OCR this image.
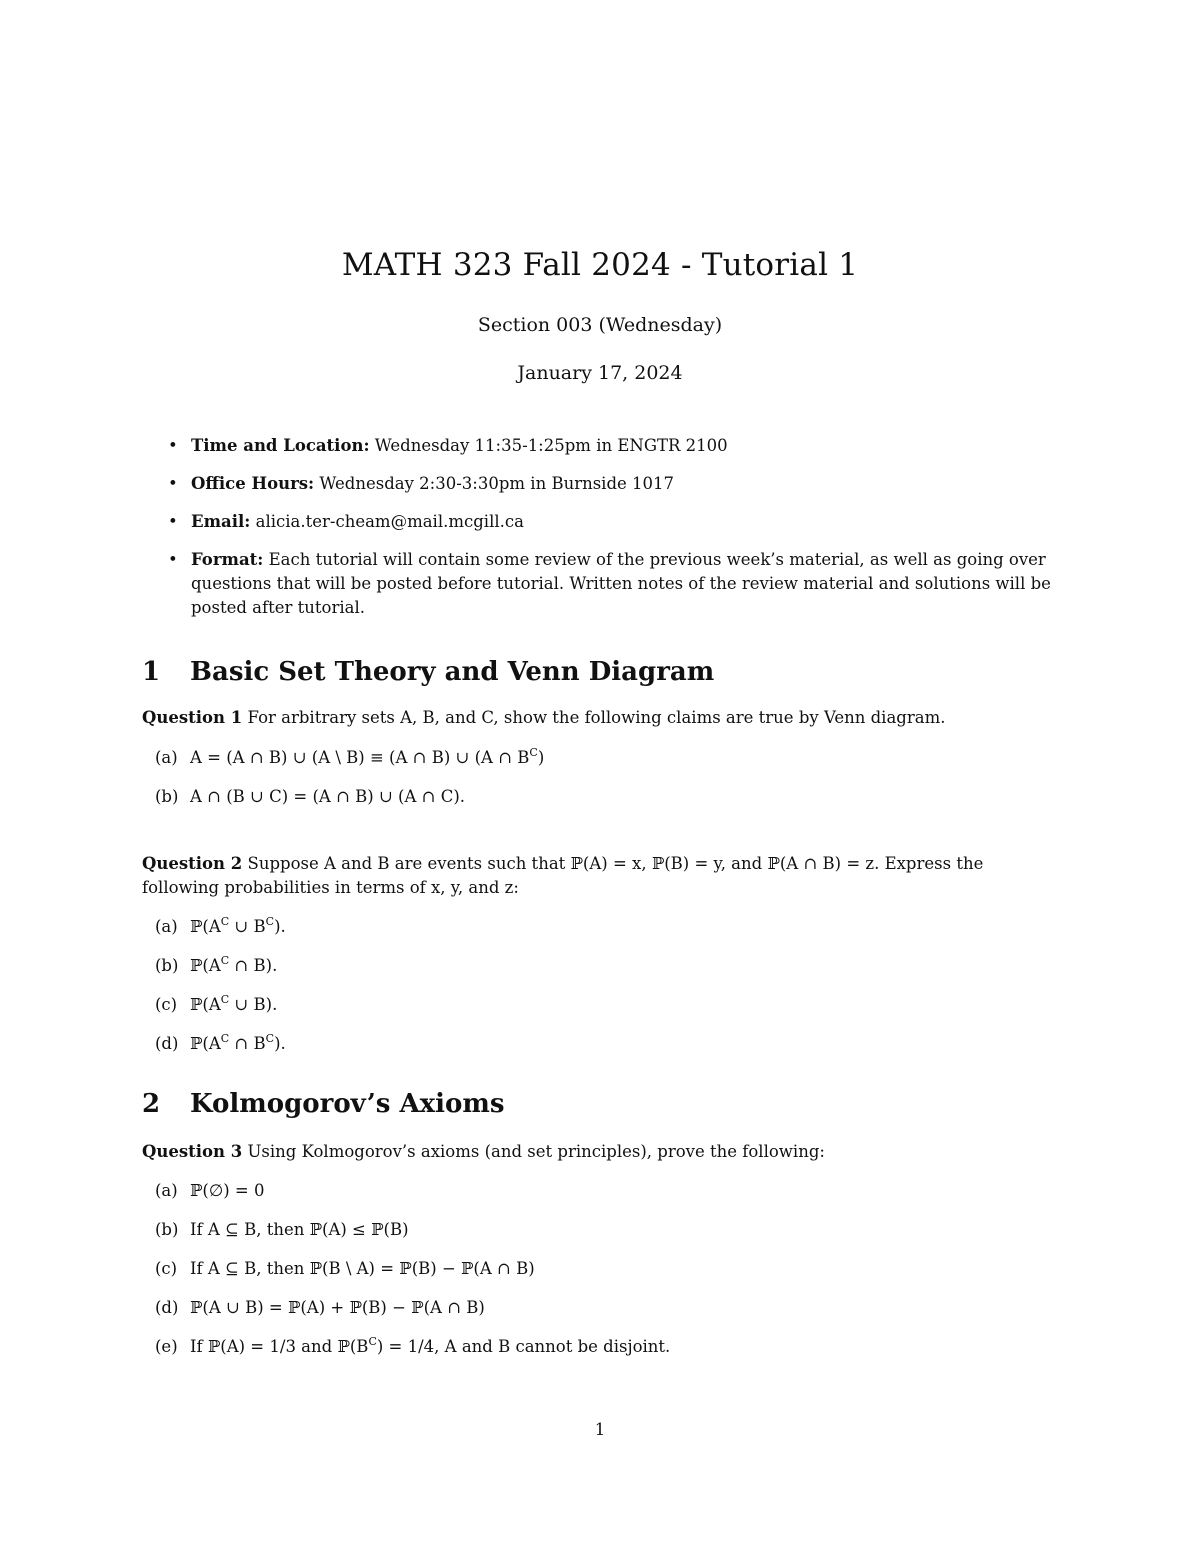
MATH 323 Fall 2024 - Tutorial 1
Section 003 (Wednesday)
January 17, 2024
• Time and Location: Wednesday 11:35-1:25pm in ENGTR 2100
• Office Hours: Wednesday 2:30-3:30pm in Burnside 1017
• Email: alicia.ter-cheam@mail.mcgill.ca
• Format: Each tutorial will contain some review of the previous week’s material, as well as going over questions that will be posted before tutorial. Written notes of the review material and solutions will be posted after tutorial.
1 Basic Set Theory and Venn Diagram
Question 1 For arbitrary sets A, B, and C, show the following claims are true by Venn diagram.
(a) A = (A ∩ B) ∪ (A \ B) ≡ (A ∩ B) ∪ (A ∩ $B^C$)
(b) A ∩ (B ∪ C) = (A ∩ B) ∪ (A ∩ C).
Question 2 Suppose A and B are events such that ℙ(A) = x, ℙ(B) = y, and ℙ(A ∩ B) = z. Express the following probabilities in terms of x, y, and z:
(a) $ℙ(A^C$ ∪ $B^C$).
(b) $ℙ(A^C$ ∩ B).
(c) $ℙ(A^C$ ∪ B).
(d) $ℙ(A^C$ ∩ $B^C$).
2 Kolmogorov’s Axioms
Question 3 Using Kolmogorov’s axioms (and set principles), prove the following:
(a) ℙ(∅) = 0
(b) If A ⊆ B, then ℙ(A) ≤ ℙ(B)
(c) If A ⊆ B, then ℙ(B \ A) = ℙ(B) − ℙ(A ∩ B)
(d) ℙ(A ∪ B) = ℙ(A) + ℙ(B) − ℙ(A ∩ B)
(e) If ℙ(A) = 1/3 and $ℙ(B^C) = 1/4$, A and B cannot be disjoint.
1
